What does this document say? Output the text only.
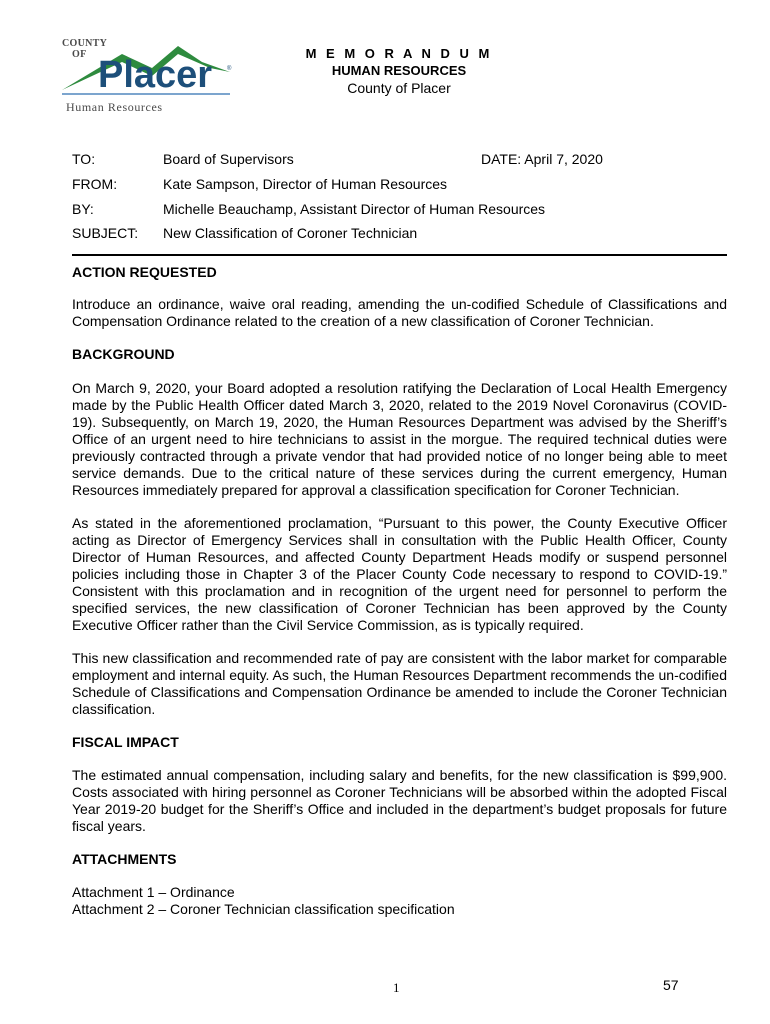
COUNTY
OF Placer ®
Human Resources
M E M O R A N D U M
HUMAN RESOURCES
County of Placer
TO:	Board of Supervisors	DATE: April 7, 2020
FROM:	Kate Sampson, Director of Human Resources
BY:	Michelle Beauchamp, Assistant Director of Human Resources
SUBJECT: New Classification of Coroner Technician
ACTION REQUESTED

Introduce an ordinance, waive oral reading, amending the un-codified Schedule of Classifications and Compensation Ordinance related to the creation of a new classification of Coroner Technician.

BACKGROUND

On March 9, 2020, your Board adopted a resolution ratifying the Declaration of Local Health Emergency made by the Public Health Officer dated March 3, 2020, related to the 2019 Novel Coronavirus (COVID-19). Subsequently, on March 19, 2020, the Human Resources Department was advised by the Sheriff’s Office of an urgent need to hire technicians to assist in the morgue. The required technical duties were previously contracted through a private vendor that had provided notice of no longer being able to meet service demands. Due to the critical nature of these services during the current emergency, Human Resources immediately prepared for approval a classification specification for Coroner Technician.

As stated in the aforementioned proclamation, “Pursuant to this power, the County Executive Officer acting as Director of Emergency Services shall in consultation with the Public Health Officer, County Director of Human Resources, and affected County Department Heads modify or suspend personnel policies including those in Chapter 3 of the Placer County Code necessary to respond to COVID-19.” Consistent with this proclamation and in recognition of the urgent need for personnel to perform the specified services, the new classification of Coroner Technician has been approved by the County Executive Officer rather than the Civil Service Commission, as is typically required.

This new classification and recommended rate of pay are consistent with the labor market for comparable employment and internal equity. As such, the Human Resources Department recommends the un-codified Schedule of Classifications and Compensation Ordinance be amended to include the Coroner Technician classification.

FISCAL IMPACT

The estimated annual compensation, including salary and benefits, for the new classification is $99,900. Costs associated with hiring personnel as Coroner Technicians will be absorbed within the adopted Fiscal Year 2019-20 budget for the Sheriff’s Office and included in the department’s budget proposals for future fiscal years.

ATTACHMENTS
Attachment 1 – Ordinance
Attachment 2 – Coroner Technician classification specification
1	57
